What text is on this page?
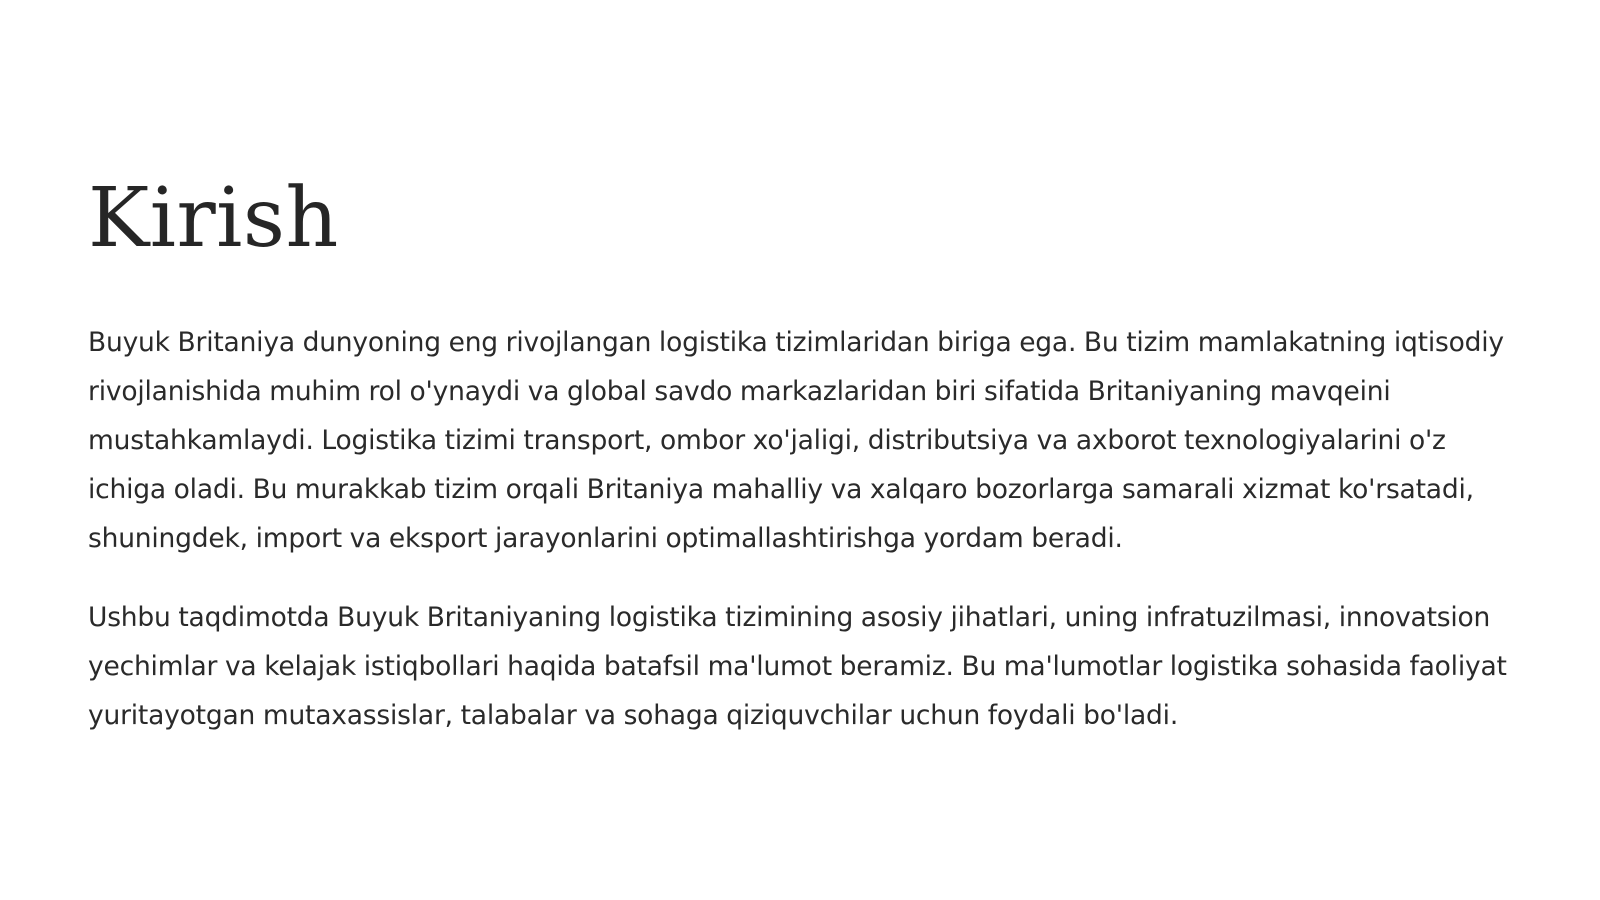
Kirish

Buyuk Britaniya dunyoning eng rivojlangan logistika tizimlaridan biriga ega. Bu tizim mamlakatning iqtisodiy rivojlanishida muhim rol o'ynaydi va global savdo markazlaridan biri sifatida Britaniyaning mavqeini mustahkamlaydi. Logistika tizimi transport, ombor xo'jaligi, distributsiya va axborot texnologiyalarini o'z ichiga oladi. Bu murakkab tizim orqali Britaniya mahalliy va xalqaro bozorlarga samarali xizmat ko'rsatadi, shuningdek, import va eksport jarayonlarini optimallashtirishga yordam beradi.

Ushbu taqdimotda Buyuk Britaniyaning logistika tizimining asosiy jihatlari, uning infratuzilmasi, innovatsion yechimlar va kelajak istiqbollari haqida batafsil ma'lumot beramiz. Bu ma'lumotlar logistika sohasida faoliyat yuritayotgan mutaxassislar, talabalar va sohaga qiziquvchilar uchun foydali bo'ladi.
